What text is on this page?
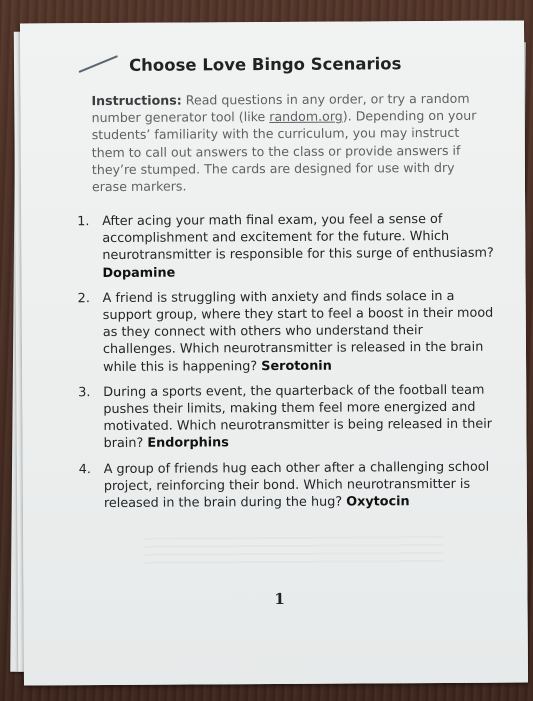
Choose Love Bingo Scenarios
Instructions: Read questions in any order, or try a random number generator tool (like random.org). Depending on your students’ familiarity with the curriculum, you may instruct them to call out answers to the class or provide answers if they’re stumped. The cards are designed for use with dry erase markers.
1. After acing your math final exam, you feel a sense of accomplishment and excitement for the future. Which neurotransmitter is responsible for this surge of enthusiasm? Dopamine
2. A friend is struggling with anxiety and finds solace in a support group, where they start to feel a boost in their mood as they connect with others who understand their challenges. Which neurotransmitter is released in the brain while this is happening? Serotonin
3. During a sports event, the quarterback of the football team pushes their limits, making them feel more energized and motivated. Which neurotransmitter is being released in their brain? Endorphins
4. A group of friends hug each other after a challenging school project, reinforcing their bond. Which neurotransmitter is released in the brain during the hug? Oxytocin
1
